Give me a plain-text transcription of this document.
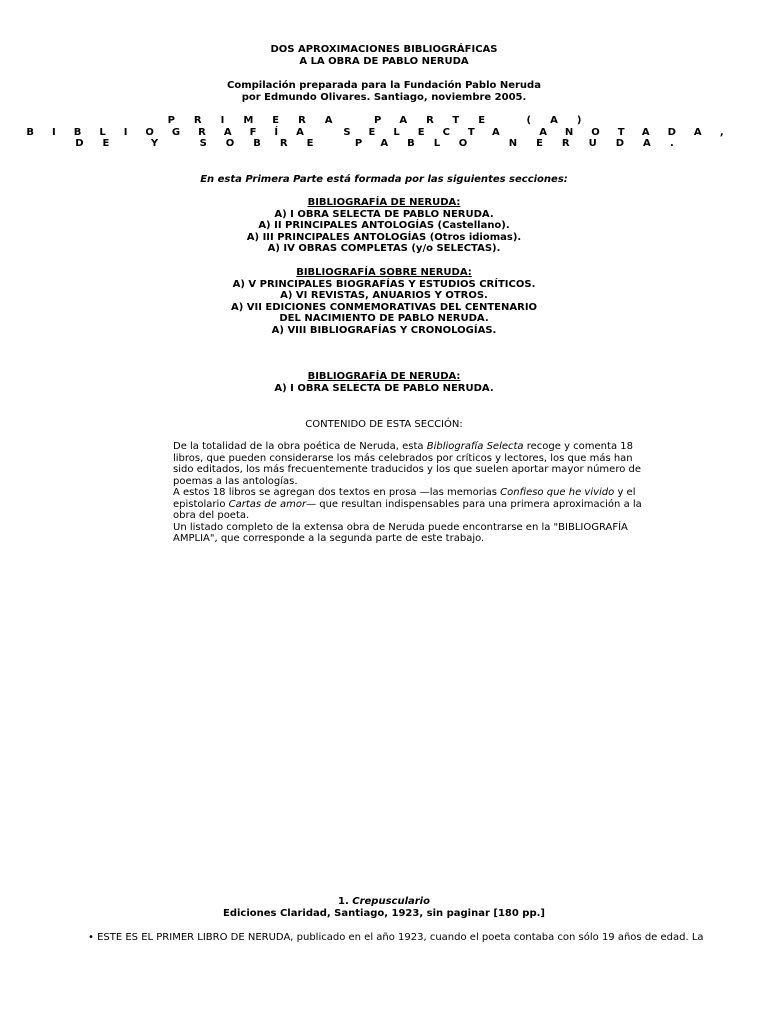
DOS APROXIMACIONES BIBLIOGRÁFICAS
A LA OBRA DE PABLO NERUDA
Compilación preparada para la Fundación Pablo Neruda
por Edmundo Olivares. Santiago, noviembre 2005.
PRIMERA PARTE (A)
BIBLIOGRAFÍA SELECTA ANOTADA,
DE Y SOBRE PABLO NERUDA.
En esta Primera Parte está formada por las siguientes secciones:
BIBLIOGRAFÍA DE NERUDA:
A) I OBRA SELECTA DE PABLO NERUDA.
A) II PRINCIPALES ANTOLOGÍAS (Castellano).
A) III PRINCIPALES ANTOLOGÍAS (Otros idiomas).
A) IV OBRAS COMPLETAS (y/o SELECTAS).
BIBLIOGRAFÍA SOBRE NERUDA:
A) V PRINCIPALES BIOGRAFÍAS Y ESTUDIOS CRÍTICOS.
A) VI REVISTAS, ANUARIOS Y OTROS.
A) VII EDICIONES CONMEMORATIVAS DEL CENTENARIO
DEL NACIMIENTO DE PABLO NERUDA.
A) VIII BIBLIOGRAFÍAS Y CRONOLOGÍAS.
BIBLIOGRAFÍA DE NERUDA:
A) I OBRA SELECTA DE PABLO NERUDA.
CONTENIDO DE ESTA SECCIÓN:
De la totalidad de la obra poética de Neruda, esta Bibliografía Selecta recoge y comenta 18 libros, que pueden considerarse los más celebrados por críticos y lectores, los que más han sido editados, los más frecuentemente traducidos y los que suelen aportar mayor número de poemas a las antologías.
A estos 18 libros se agregan dos textos en prosa —las memorias Confieso que he vivido y el epistolario Cartas de amor— que resultan indispensables para una primera aproximación a la obra del poeta.
Un listado completo de la extensa obra de Neruda puede encontrarse en la "BIBLIOGRAFÍA AMPLIA", que corresponde a la segunda parte de este trabajo.
1. Crepusculario
Ediciones Claridad, Santiago, 1923, sin paginar [180 pp.]
• ESTE ES EL PRIMER LIBRO DE NERUDA, publicado en el año 1923, cuando el poeta contaba con sólo 19 años de edad. La
